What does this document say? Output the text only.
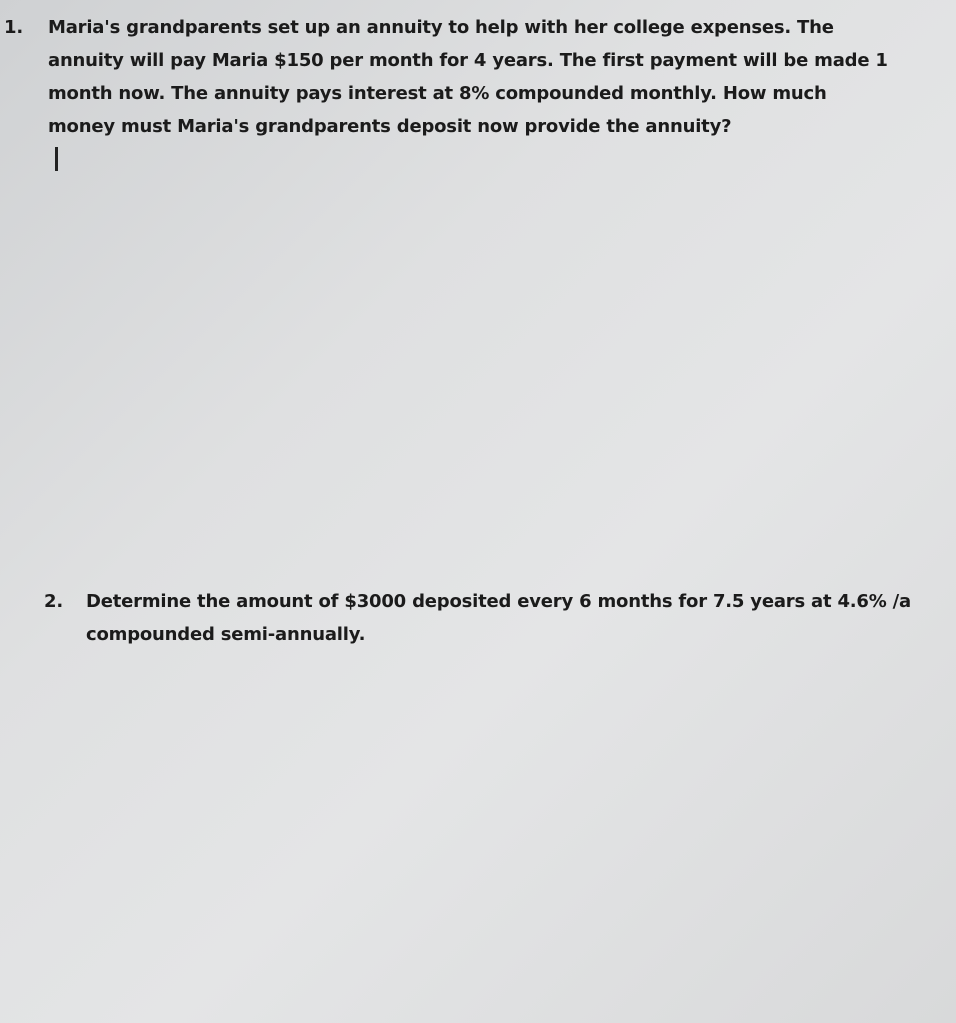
1. Maria's grandparents set up an annuity to help with her college expenses. The
annuity will pay Maria $150 per month for 4 years. The first payment will be made 1
month now. The annuity pays interest at 8% compounded monthly. How much
money must Maria's grandparents deposit now provide the annuity?
2. Determine the amount of $3000 deposited every 6 months for 7.5 years at 4.6% /a
compounded semi-annually.
